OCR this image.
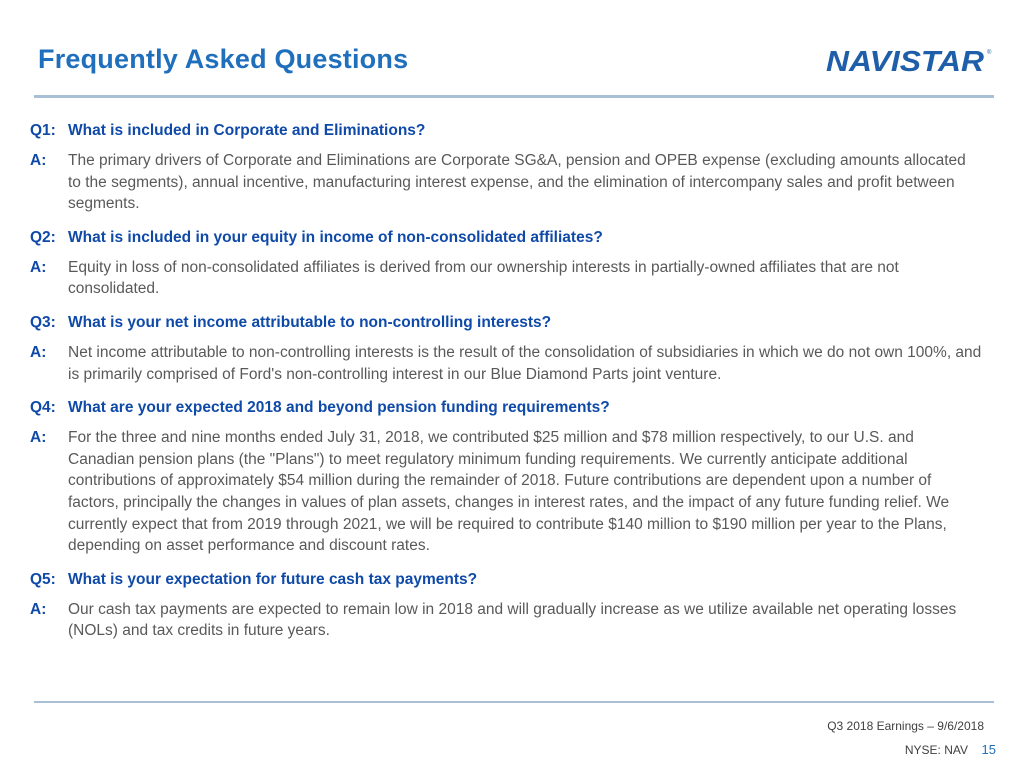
Frequently Asked Questions	NAVISTAR ®
Q1: What is included in Corporate and Eliminations?
A:	The primary drivers of Corporate and Eliminations are Corporate SG&A, pension and OPEB expense (excluding amounts allocated to the segments), annual incentive, manufacturing interest expense, and the elimination of intercompany sales and profit between segments.
Q2: What is included in your equity in income of non-consolidated affiliates?
A:	Equity in loss of non-consolidated affiliates is derived from our ownership interests in partially-owned affiliates that are not consolidated.
Q3: What is your net income attributable to non-controlling interests?
A:	Net income attributable to non-controlling interests is the result of the consolidation of subsidiaries in which we do not own 100%, and is primarily comprised of Ford's non-controlling interest in our Blue Diamond Parts joint venture.
Q4: What are your expected 2018 and beyond pension funding requirements?
A:	For the three and nine months ended July 31, 2018, we contributed $25 million and $78 million respectively, to our U.S. and Canadian pension plans (the "Plans") to meet regulatory minimum funding requirements. We currently anticipate additional contributions of approximately $54 million during the remainder of 2018. Future contributions are dependent upon a number of factors, principally the changes in values of plan assets, changes in interest rates, and the impact of any future funding relief. We currently expect that from 2019 through 2021, we will be required to contribute $140 million to $190 million per year to the Plans, depending on asset performance and discount rates.
Q5: What is your expectation for future cash tax payments?
A:	Our cash tax payments are expected to remain low in 2018 and will gradually increase as we utilize available net operating losses (NOLs) and tax credits in future years.
Q3 2018 Earnings – 9/6/2018
NYSE: NAV 15
